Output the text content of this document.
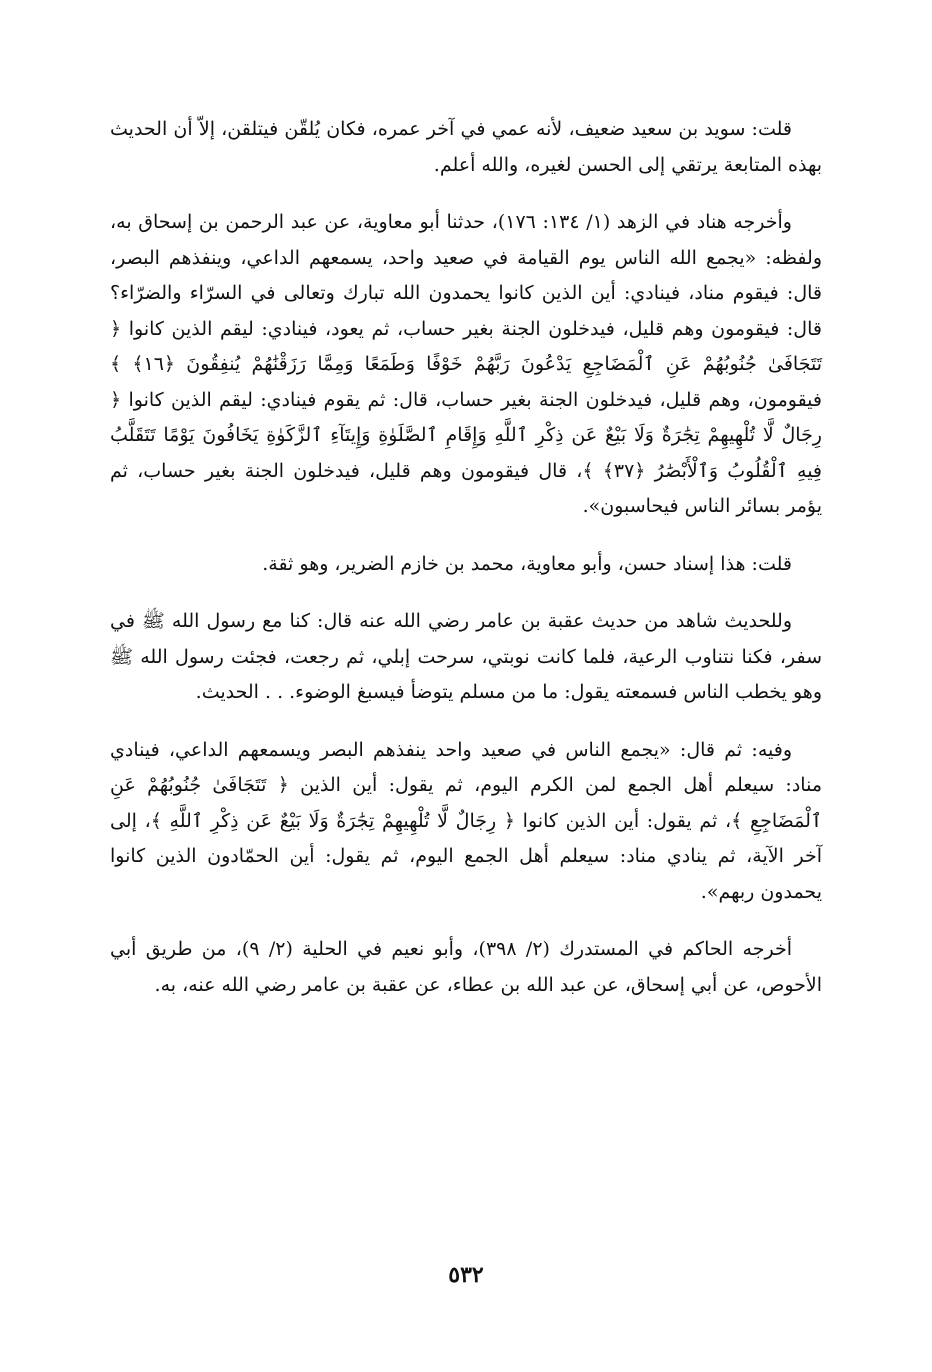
قلت: سويد بن سعيد ضعيف، لأنه عمي في آخر عمره، فكان يُلقّن فيتلقن، إلاّ أن الحديث بهذه المتابعة يرتقي إلى الحسن لغيره، والله أعلم.

وأخرجه هناد في الزهد (١/ ١٣٤: ١٧٦)، حدثنا أبو معاوية، عن عبد الرحمن بن إسحاق به، ولفظه: «يجمع الله الناس يوم القيامة في صعيد واحد، يسمعهم الداعي، وينفذهم البصر، قال: فيقوم مناد، فينادي: أين الذين كانوا يحمدون الله تبارك وتعالى في السرّاء والضرّاء؟ قال: فيقومون وهم قليل، فيدخلون الجنة بغير حساب، ثم يعود، فينادي: ليقم الذين كانوا ﴿ تَتَجَافَىٰ جُنُوبُهُمْ عَنِ ٱلْمَضَاجِعِ يَدْعُونَ رَبَّهُمْ خَوْفًا وَطَمَعًا وَمِمَّا رَزَقْنَٰهُمْ يُنفِقُونَ ﴿١٦﴾ ﴾ فيقومون، وهم قليل، فيدخلون الجنة بغير حساب، قال: ثم يقوم فينادي: ليقم الذين كانوا ﴿ رِجَالٌ لَّا تُلْهِيهِمْ تِجَٰرَةٌ وَلَا بَيْعٌ عَن ذِكْرِ ٱللَّهِ وَإِقَامِ ٱلصَّلَوٰةِ وَإِيتَآءِ ٱلزَّكَوٰةِ يَخَافُونَ يَوْمًا تَتَقَلَّبُ فِيهِ ٱلْقُلُوبُ وَٱلْأَبْصَٰرُ ﴿٣٧﴾ ﴾، قال فيقومون وهم قليل، فيدخلون الجنة بغير حساب، ثم يؤمر بسائر الناس فيحاسبون».

قلت: هذا إسناد حسن، وأبو معاوية، محمد بن خازم الضرير، وهو ثقة.

وللحديث شاهد من حديث عقبة بن عامر رضي الله عنه قال: كنا مع رسول الله ﷺ في سفر، فكنا نتناوب الرعية، فلما كانت نوبتي، سرحت إبلي، ثم رجعت، فجئت رسول الله ﷺ وهو يخطب الناس فسمعته يقول: ما من مسلم يتوضأ فيسبغ الوضوء. . . الحديث.

وفيه: ثم قال: «يجمع الناس في صعيد واحد ينفذهم البصر ويسمعهم الداعي، فينادي مناد: سيعلم أهل الجمع لمن الكرم اليوم، ثم يقول: أين الذين ﴿ تَتَجَافَىٰ جُنُوبُهُمْ عَنِ ٱلْمَضَاجِعِ ﴾، ثم يقول: أين الذين كانوا ﴿ رِجَالٌ لَّا تُلْهِيهِمْ تِجَٰرَةٌ وَلَا بَيْعٌ عَن ذِكْرِ ٱللَّهِ ﴾، إلى آخر الآية، ثم ينادي مناد: سيعلم أهل الجمع اليوم، ثم يقول: أين الحمّادون الذين كانوا يحمدون ربهم».

أخرجه الحاكم في المستدرك (٢/ ٣٩٨)، وأبو نعيم في الحلية (٢/ ٩)، من طريق أبي الأحوص، عن أبي إسحاق، عن عبد الله بن عطاء، عن عقبة بن عامر رضي الله عنه، به.

٥٣٢
